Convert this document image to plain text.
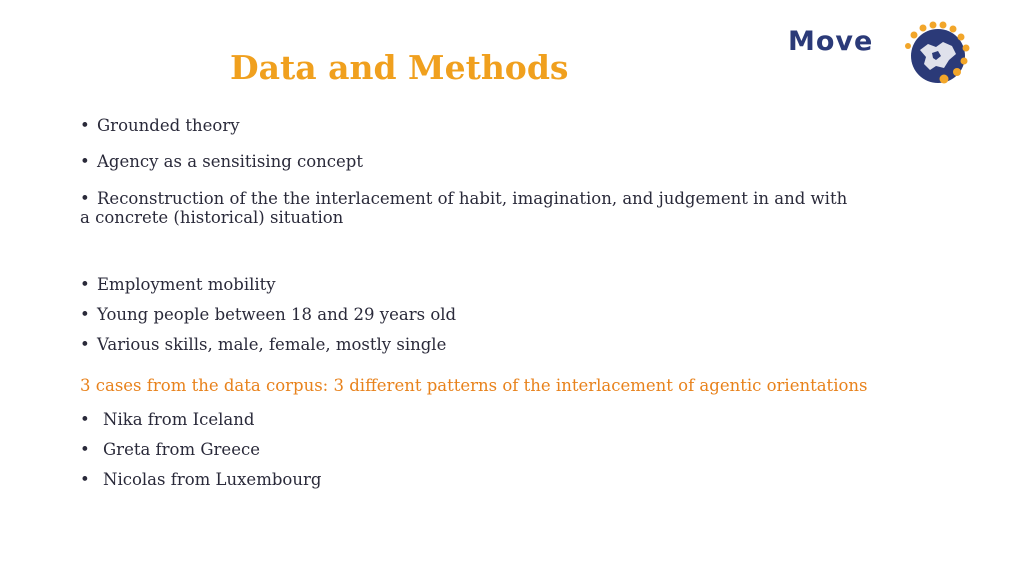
Data and Methods
Move
• Grounded theory
• Agency as a sensitising concept
• Reconstruction of the the interlacement of habit, imagination, and judgement in and with a concrete (historical) situation
• Employment mobility
• Young people between 18 and 29 years old
• Various skills, male, female, mostly single
3 cases from the data corpus: 3 different patterns of the interlacement of agentic orientations
• Nika from Iceland
• Greta from Greece
• Nicolas from Luxembourg
